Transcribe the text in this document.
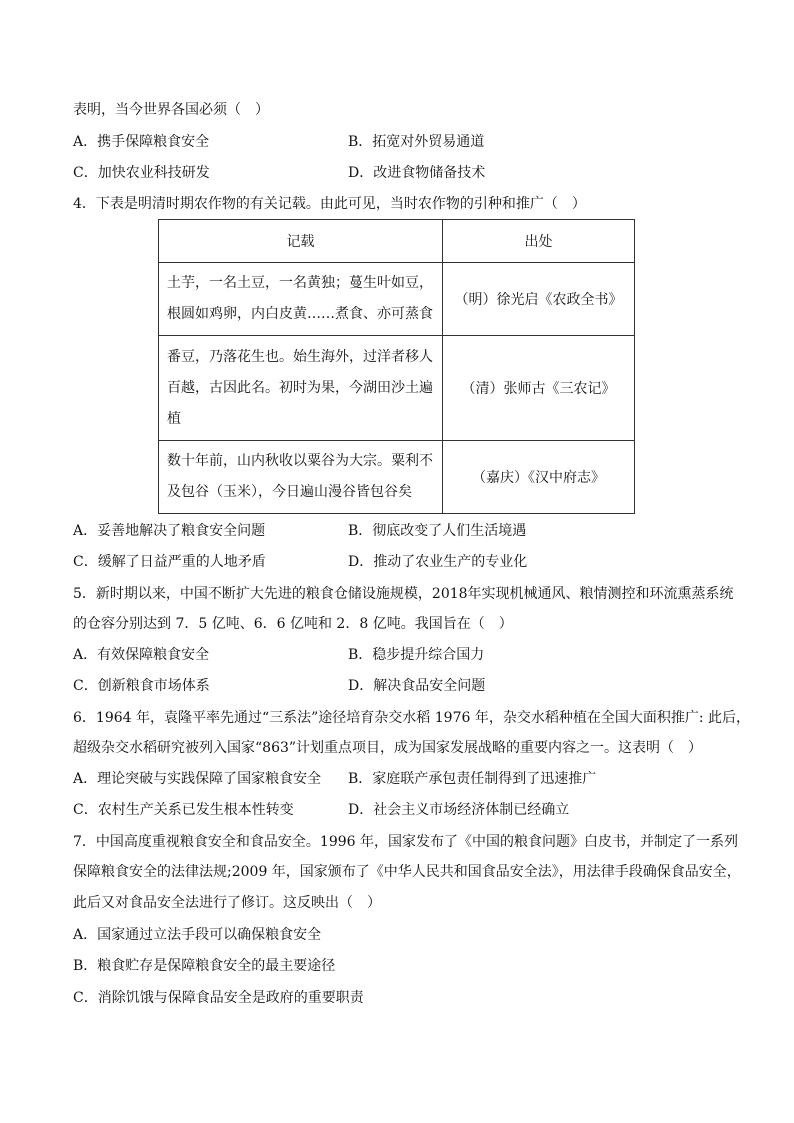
表明，当今世界各国必须（　）
A．携手保障粮食安全	B．拓宽对外贸易通道
C．加快农业科技研发	D．改进食物储备技术
4．下表是明清时期农作物的有关记载。由此可见，当时农作物的引种和推广（　）
记载	出处

土芋，一名土豆，一名黄独；蔓生叶如豆，
根圆如鸡卵，内白皮黄……煮食、亦可蒸食	（明）徐光启《农政全书》

番豆，乃落花生也。始生海外，过洋者移人
百越，古因此名。初时为果，今湖田沙土遍
植	（清）张师古《三农记》

数十年前，山内秋收以粟谷为大宗。粟利不
及包谷（玉米），今日遍山漫谷皆包谷矣	（嘉庆）《汉中府志》
A．妥善地解决了粮食安全问题	B．彻底改变了人们生活境遇
C．缓解了日益严重的人地矛盾	D．推动了农业生产的专业化
5．新时期以来，中国不断扩大先进的粮食仓储设施规模，2018年实现机械通风、粮情测控和环流熏蒸系统
的仓容分别达到 7．5 亿吨、6．6 亿吨和 2．8 亿吨。我国旨在（　）
A．有效保障粮食安全	B．稳步提升综合国力
C．创新粮食市场体系	D．解决食品安全问题
6．1964 年，袁隆平率先通过“三系法”途径培育杂交水稻 1976 年，杂交水稻种植在全国大面积推广: 此后，
超级杂交水稻研究被列入国家“863”计划重点项目，成为国家发展战略的重要内容之一。这表明（　）
A．理论突破与实践保障了国家粮食安全 B．家庭联产承包责任制得到了迅速推广
C．农村生产关系已发生根本性转变	D．社会主义市场经济体制已经确立
7．中国高度重视粮食安全和食品安全。1996 年，国家发布了《中国的粮食问题》白皮书，并制定了一系列
保障粮食安全的法律法规;2009 年，国家颁布了《中华人民共和国食品安全法》，用法律手段确保食品安全，
此后又对食品安全法进行了修订。这反映出（　）
A．国家通过立法手段可以确保粮食安全
B．粮食贮存是保障粮食安全的最主要途径
C．消除饥饿与保障食品安全是政府的重要职责
